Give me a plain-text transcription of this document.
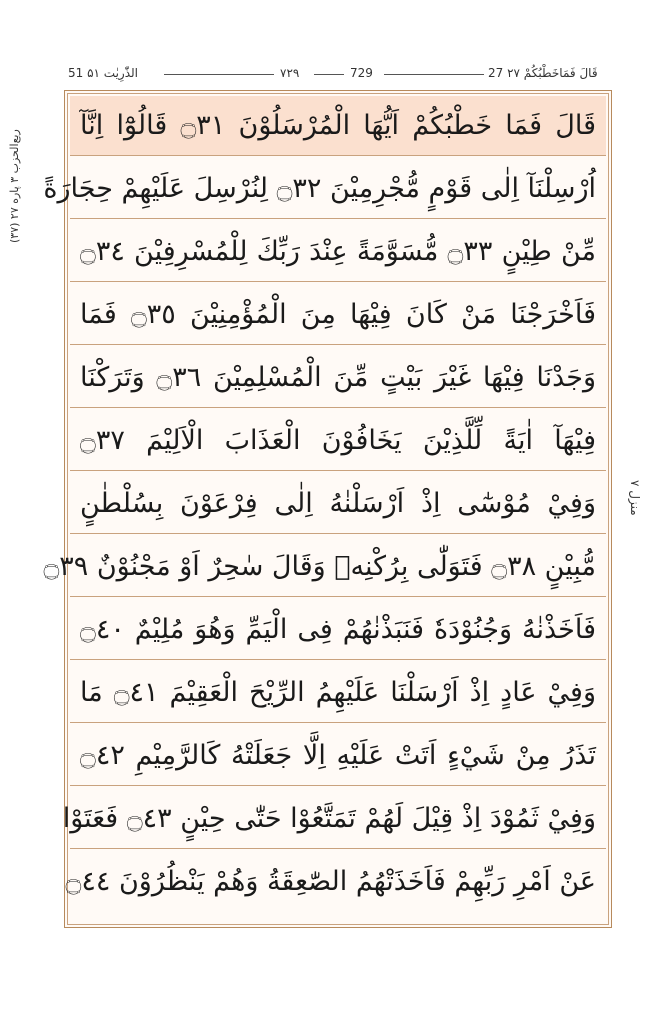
51 الذّٰرِیٰت ۵۱	۷۲۹	729	27 قَالَ فَمَاخَطْبُكُمْ ۲۷
(۳۷) ربع‌الحزب ۳ پاره ۲۷
منزل ۷
قَالَ فَمَا خَطْبُكُمْ اَيُّهَا الْمُرْسَلُوْنَ ۝٣١ قَالُوْٓا اِنَّآ
اُرْسِلْنَآ اِلٰى قَوْمٍ مُّجْرِمِيْنَ ۝٣٢ لِنُرْسِلَ عَلَيْهِمْ حِجَارَةً
مِّنْ طِيْنٍ ۝٣٣ مُّسَوَّمَةً عِنْدَ رَبِّكَ لِلْمُسْرِفِيْنَ ۝٣٤
فَاَخْرَجْنَا مَنْ كَانَ فِيْهَا مِنَ الْمُؤْمِنِيْنَ ۝٣٥ فَمَا
وَجَدْنَا فِيْهَا غَيْرَ بَيْتٍ مِّنَ الْمُسْلِمِيْنَ ۝٣٦ وَتَرَكْنَا
فِيْهَآ اٰيَةً لِّلَّذِيْنَ يَخَافُوْنَ الْعَذَابَ الْاَلِيْمَ ۝٣٧
وَفِيْ مُوْسٰٓى اِذْ اَرْسَلْنٰهُ اِلٰى فِرْعَوْنَ بِسُلْطٰنٍ
مُّبِيْنٍ ۝٣٨ فَتَوَلّٰى بِرُكْنِهٖ وَقَالَ سٰحِرٌ اَوْ مَجْنُوْنٌ ۝٣٩
فَاَخَذْنٰهُ وَجُنُوْدَهٗ فَنَبَذْنٰهُمْ فِى الْيَمِّ وَهُوَ مُلِيْمٌ ۝٤٠
وَفِيْ عَادٍ اِذْ اَرْسَلْنَا عَلَيْهِمُ الرِّيْحَ الْعَقِيْمَ ۝٤١ مَا
تَذَرُ مِنْ شَيْءٍ اَتَتْ عَلَيْهِ اِلَّا جَعَلَتْهُ كَالرَّمِيْمِ ۝٤٢
وَفِيْ ثَمُوْدَ اِذْ قِيْلَ لَهُمْ تَمَتَّعُوْا حَتّٰى حِيْنٍ ۝٤٣ فَعَتَوْا
عَنْ اَمْرِ رَبِّهِمْ فَاَخَذَتْهُمُ الصّٰعِقَةُ وَهُمْ يَنْظُرُوْنَ ۝٤٤
